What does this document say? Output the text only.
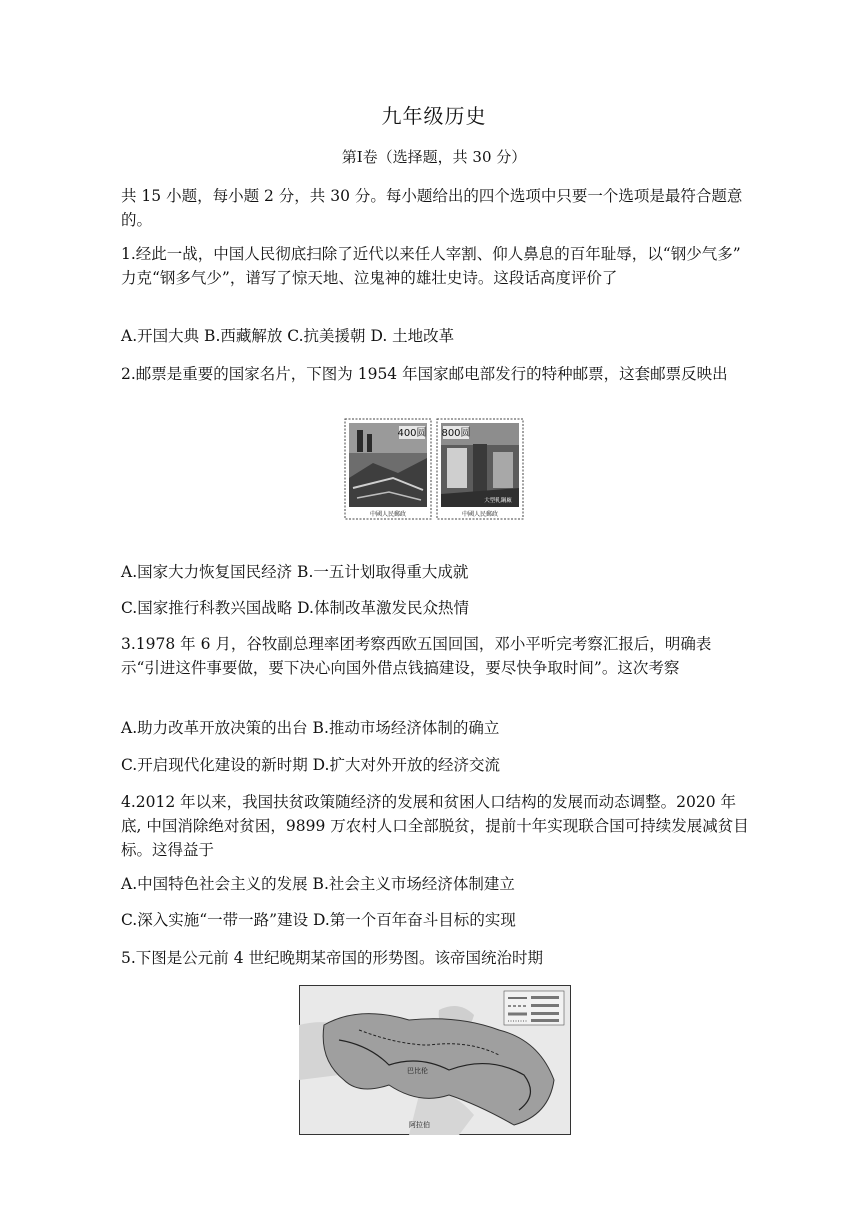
九年级历史
第Ⅰ卷（选择题，共 30 分）

共 15 小题，每小题 2 分，共 30 分。每小题给出的四个选项中只要一个选项是最符合题意的。

1.经此一战，中国人民彻底扫除了近代以来任人宰割、仰人鼻息的百年耻辱，以“钢少气多” 力克“钢多气少”，谱写了惊天地、泣鬼神的雄壮史诗。这段话高度评价了

A.开国大典 B.西藏解放 C.抗美援朝 D. 土地改革

2.邮票是重要的国家名片，下图为 1954 年国家邮电部发行的特种邮票，这套邮票反映出

400圆
中國人民郵政
800圆
大型軋鋼廠
中國人民郵政
A.国家大力恢复国民经济 B.一五计划取得重大成就
C.国家推行科教兴国战略 D.体制改革激发民众热情

3.1978 年 6 月，谷牧副总理率团考察西欧五国回国，邓小平听完考察汇报后，明确表示“引进这件事要做，要下决心向国外借点钱搞建设，要尽快争取时间”。这次考察

A.助力改革开放决策的出台 B.推动市场经济体制的确立
C.开启现代化建设的新时期 D.扩大对外开放的经济交流

4.2012 年以来，我国扶贫政策随经济的发展和贫困人口结构的发展而动态调整。2020 年底, 中国消除绝对贫困，9899 万农村人口全部脱贫，提前十年实现联合国可持续发展减贫目标。这得益于

A.中国特色社会主义的发展 B.社会主义市场经济体制建立
C.深入实施“一带一路”建设 D.第一个百年奋斗目标的实现

5.下图是公元前 4 世纪晚期某帝国的形势图。该帝国统治时期

巴比伦
阿拉伯
